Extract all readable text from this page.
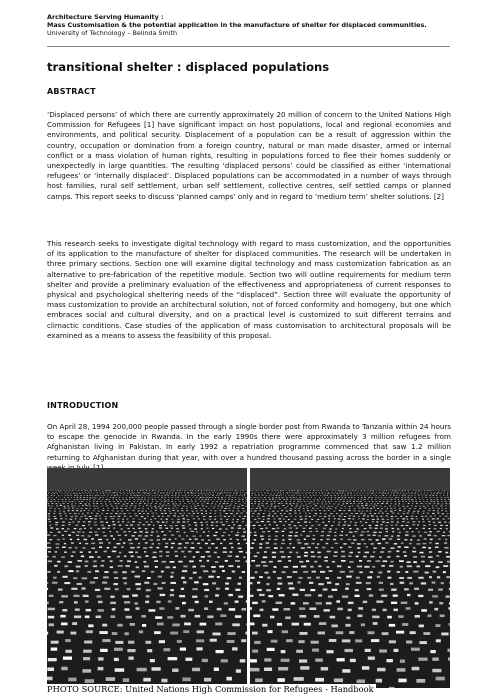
Architecture Serving Humanity :
Mass Customisation & the potential application in the manufacture of shelter for displaced communities.
University of Technology – Belinda Smith
transitional shelter : displaced populations
ABSTRACT

‘Displaced persons’ of which there are currently approximately 20 million of concern to the United Nations High Commission for Refugees [1] have significant impact on host populations, local and regional economies and environments, and political security. Displacement of a population can be a result of aggression within the country, occupation or domination from a foreign country, natural or man made disaster, armed or internal conflict or a mass violation of human rights, resulting in populations forced to flee their homes suddenly or unexpectedly in large quantities. The resulting ‘displaced persons’ could be classified as either ‘international refugees’ or ‘internally displaced’. Displaced populations can be accommodated in a number of ways through host families, rural self settlement, urban self settlement, collective centres, self settled camps or planned camps. This report seeks to discuss ‘planned camps’ only and in regard to ‘medium term’ shelter solutions. [2]

This research seeks to investigate digital technology with regard to mass customization, and the opportunities of its application to the manufacture of shelter for displaced communities. The research will be undertaken in three primary sections. Section one will examine digital technology and mass customization fabrication as an alternative to pre-fabrication of the repetitive module. Section two will outline requirements for medium term shelter and provide a preliminary evaluation of the effectiveness and appropriateness of current responses to physical and psychological sheltering needs of the “displaced”. Section three will evaluate the opportunity of mass customization to provide an architectural solution, not of forced conformity and homogeny, but one which embraces social and cultural diversity, and on a practical level is customized to suit different terrains and climactic conditions. Case studies of the application of mass customisation to architectural proposals will be examined as a means to assess the feasibility of this proposal.

INTRODUCTION

On April 28, 1994 200,000 people passed through a single border post from Rwanda to Tanzania within 24 hours to escape the genocide in Rwanda. In the early 1990s there were approximately 3 million refugees from Afghanistan living in Pakistan. In early 1992 a repatriation programme commenced that saw 1.2 million returning to Afghanistan during that year, with over a hundred thousand passing across the border in a single

PHOTO SOURCE: United Nations High Commission for Refugees - Handbook
